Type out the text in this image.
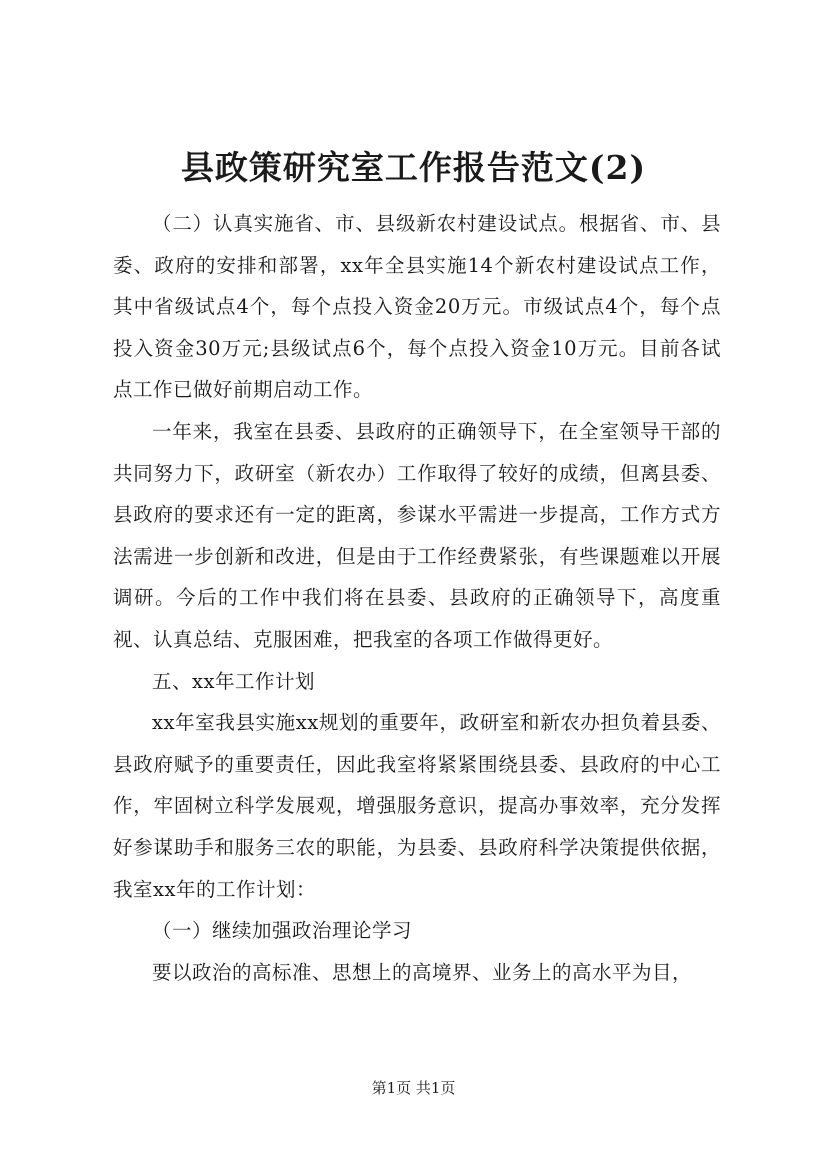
县政策研究室工作报告范文(2)

（二）认真实施省、市、县级新农村建设试点。根据省、市、县委、政府的安排和部署，xx年全县实施14个新农村建设试点工作，其中省级试点4个，每个点投入资金20万元。市级试点4个，每个点投入资金30万元;县级试点6个，每个点投入资金10万元。目前各试点工作已做好前期启动工作。

一年来，我室在县委、县政府的正确领导下，在全室领导干部的共同努力下，政研室（新农办）工作取得了较好的成绩，但离县委、县政府的要求还有一定的距离，参谋水平需进一步提高，工作方式方法需进一步创新和改进，但是由于工作经费紧张，有些课题难以开展调研。今后的工作中我们将在县委、县政府的正确领导下，高度重视、认真总结、克服困难，把我室的各项工作做得更好。

五、xx年工作计划

xx年室我县实施xx规划的重要年，政研室和新农办担负着县委、县政府赋予的重要责任，因此我室将紧紧围绕县委、县政府的中心工作，牢固树立科学发展观，增强服务意识，提高办事效率，充分发挥好参谋助手和服务三农的职能，为县委、县政府科学决策提供依据，我室xx年的工作计划：

（一）继续加强政治理论学习

要以政治的高标准、思想上的高境界、业务上的高水平为目，

第1页 共1页
